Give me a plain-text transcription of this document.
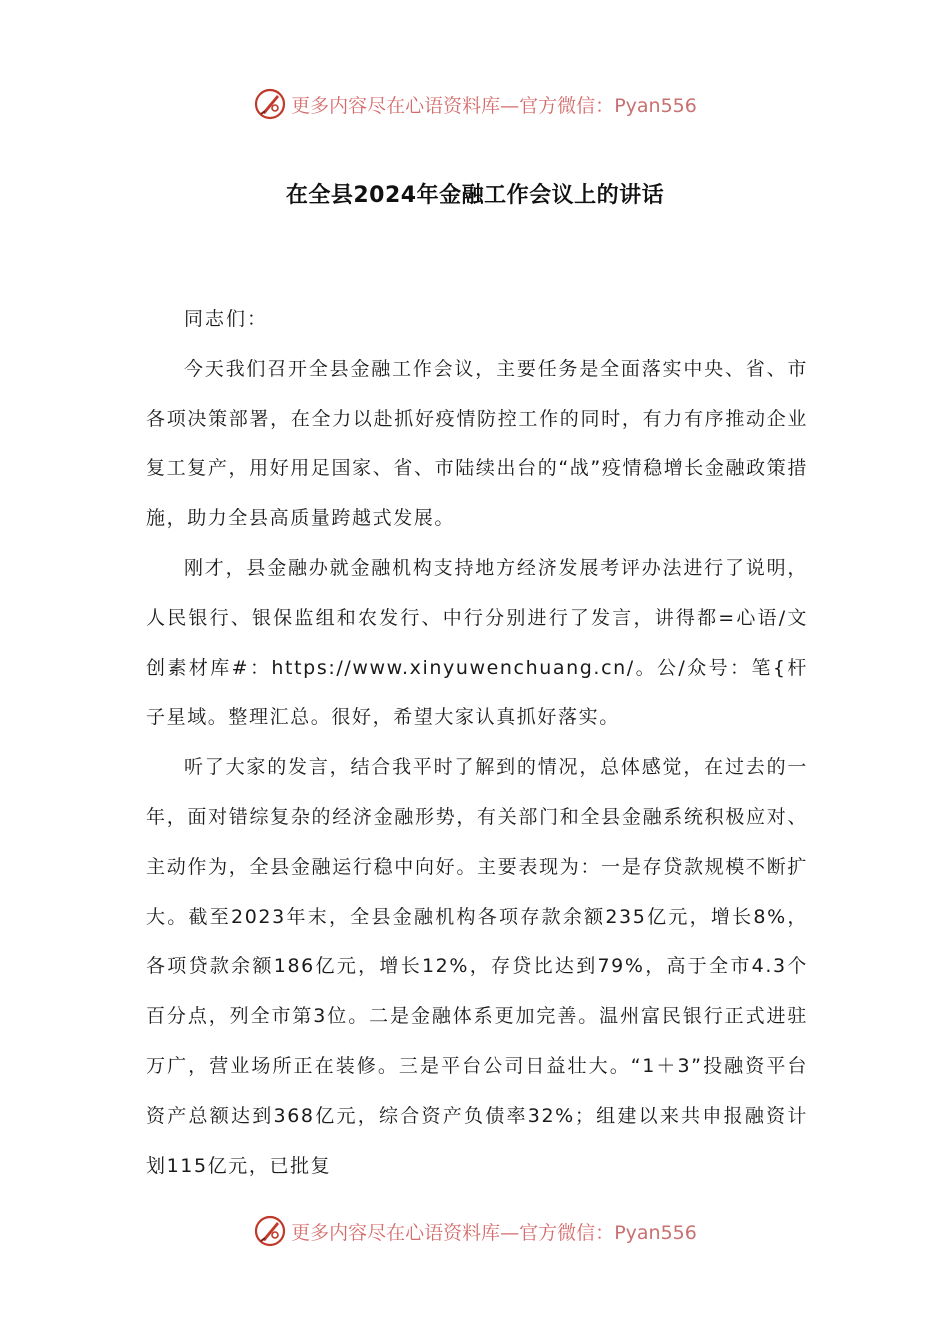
更多内容尽在心语资料库—官方微信：Pyan556
在全县2024年金融工作会议上的讲话

同志们：

今天我们召开全县金融工作会议，主要任务是全面落实中央、省、市各项决策部署，在全力以赴抓好疫情防控工作的同时，有力有序推动企业复工复产，用好用足国家、省、市陆续出台的“战”疫情稳增长金融政策措施，助力全县高质量跨越式发展。

刚才，县金融办就金融机构支持地方经济发展考评办法进行了说明，人民银行、银保监组和农发行、中行分别进行了发言，讲得都=心语/文创素材库#：https://www.xinyuwenchuang.cn/。公/众号：笔{杆子星域。整理汇总。很好，希望大家认真抓好落实。

听了大家的发言，结合我平时了解到的情况，总体感觉，在过去的一年，面对错综复杂的经济金融形势，有关部门和全县金融系统积极应对、主动作为，全县金融运行稳中向好。主要表现为：一是存贷款规模不断扩大。截至2023年末，全县金融机构各项存款余额235亿元，增长8%，各项贷款余额186亿元，增长12%，存贷比达到79%，高于全市4.3个百分点，列全市第3位。二是金融体系更加完善。温州富民银行正式进驻万广，营业场所正在装修。三是平台公司日益壮大。“1＋3”投融资平台资产总额达到368亿元，综合资产负债率32%；组建以来共申报融资计划115亿元，已批复

更多内容尽在心语资料库—官方微信：Pyan556
